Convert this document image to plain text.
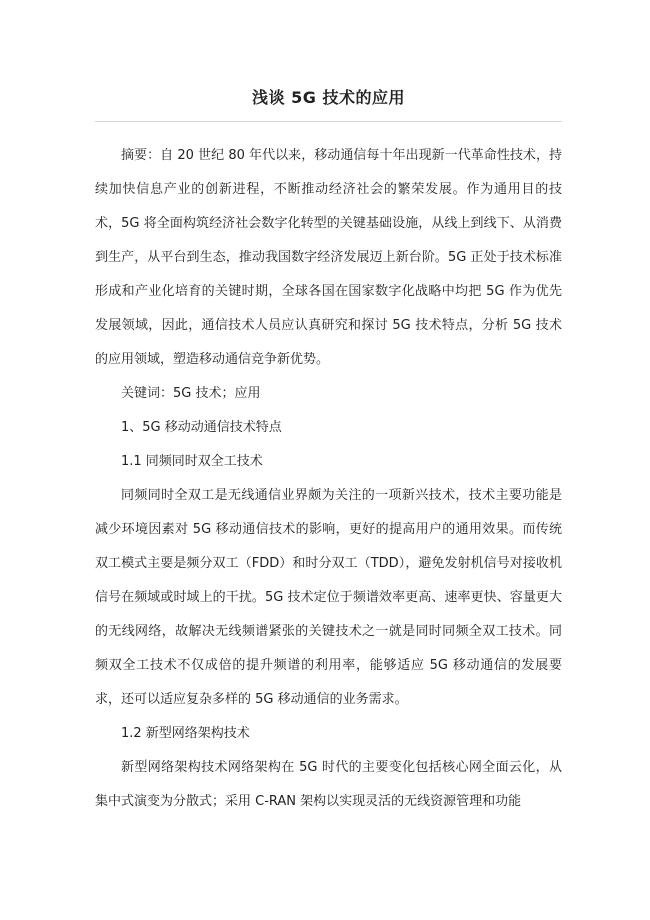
浅谈 5G 技术的应用

摘要：自 20 世纪 80 年代以来，移动通信每十年出现新一代革命性技术，持续加快信息产业的创新进程，不断推动经济社会的繁荣发展。作为通用目的技术，5G 将全面构筑经济社会数字化转型的关键基础设施，从线上到线下、从消费到生产，从平台到生态，推动我国数字经济发展迈上新台阶。5G 正处于技术标准形成和产业化培育的关键时期，全球各国在国家数字化战略中均把 5G 作为优先发展领域，因此，通信技术人员应认真研究和探讨 5G 技术特点，分析 5G 技术的应用领域，塑造移动通信竞争新优势。

关键词：5G 技术；应用

1、5G 移动动通信技术特点

1.1 同频同时双全工技术

同频同时全双工是无线通信业界颇为关注的一项新兴技术，技术主要功能是减少环境因素对 5G 移动通信技术的影响，更好的提高用户的通用效果。而传统双工模式主要是频分双工（FDD）和时分双工（TDD），避免发射机信号对接收机信号在频域或时域上的干扰。5G 技术定位于频谱效率更高、速率更快、容量更大的无线网络，故解决无线频谱紧张的关键技术之一就是同时同频全双工技术。同频双全工技术不仅成倍的提升频谱的利用率，能够适应 5G 移动通信的发展要求，还可以适应复杂多样的 5G 移动通信的业务需求。

1.2 新型网络架构技术

新型网络架构技术网络架构在 5G 时代的主要变化包括核心网全面云化，从集中式演变为分散式；采用 C-RAN 架构以实现灵活的无线资源管理和功能
